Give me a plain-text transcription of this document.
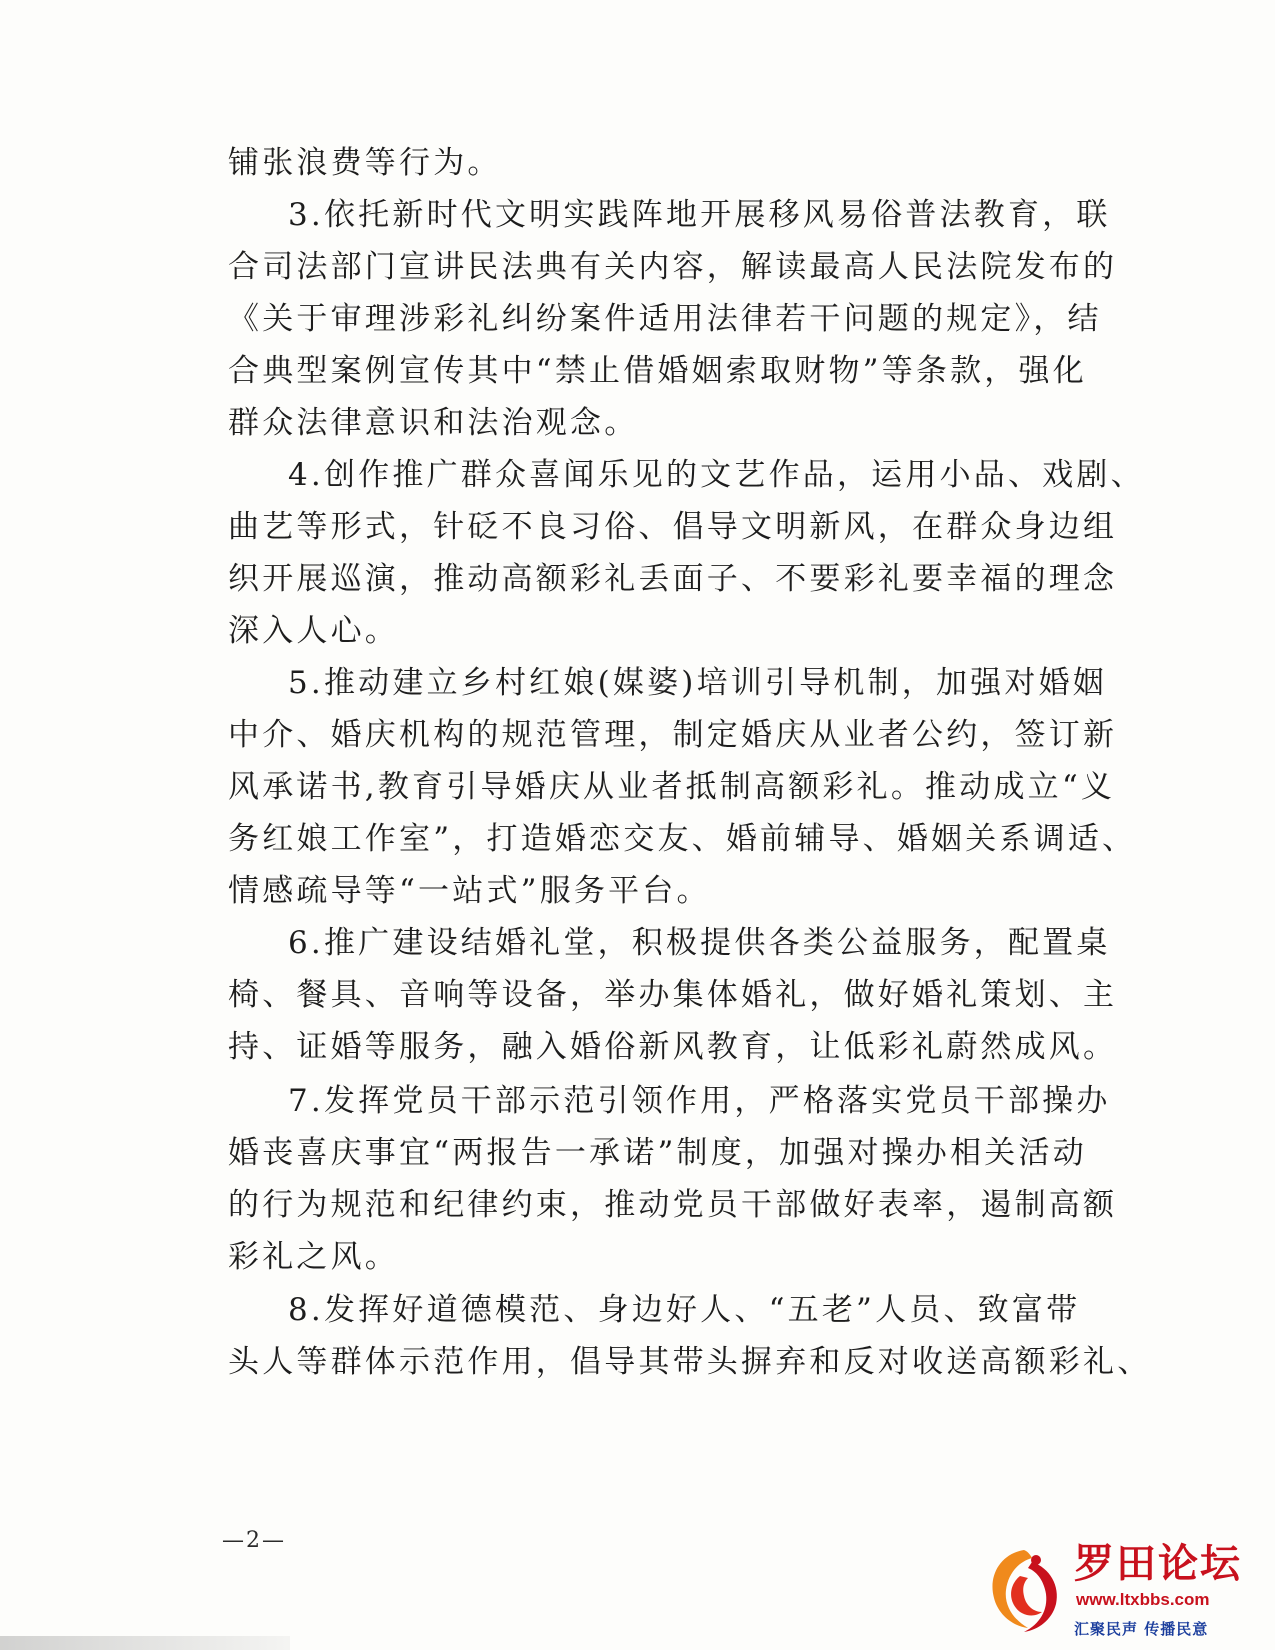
铺张浪费等行为。
3.依托新时代文明实践阵地开展移风易俗普法教育，联
合司法部门宣讲民法典有关内容，解读最高人民法院发布的
《关于审理涉彩礼纠纷案件适用法律若干问题的规定》，结
合典型案例宣传其中“禁止借婚姻索取财物”等条款，强化
群众法律意识和法治观念。
4.创作推广群众喜闻乐见的文艺作品，运用小品、戏剧、
曲艺等形式，针砭不良习俗、倡导文明新风，在群众身边组
织开展巡演，推动高额彩礼丢面子、不要彩礼要幸福的理念
深入人心。
5.推动建立乡村红娘(媒婆)培训引导机制，加强对婚姻
中介、婚庆机构的规范管理，制定婚庆从业者公约，签订新
风承诺书,教育引导婚庆从业者抵制高额彩礼。推动成立“义
务红娘工作室”，打造婚恋交友、婚前辅导、婚姻关系调适、
情感疏导等“一站式”服务平台。
6.推广建设结婚礼堂，积极提供各类公益服务，配置桌
椅、餐具、音响等设备，举办集体婚礼，做好婚礼策划、主
持、证婚等服务，融入婚俗新风教育，让低彩礼蔚然成风。
7.发挥党员干部示范引领作用，严格落实党员干部操办
婚丧喜庆事宜“两报告一承诺”制度，加强对操办相关活动
的行为规范和纪律约束，推动党员干部做好表率，遏制高额
彩礼之风。
8.发挥好道德模范、身边好人、“五老”人员、致富带
头人等群体示范作用，倡导其带头摒弃和反对收送高额彩礼、
—2—
罗田论坛
www.ltxbbs.com
汇聚民声 传播民意
